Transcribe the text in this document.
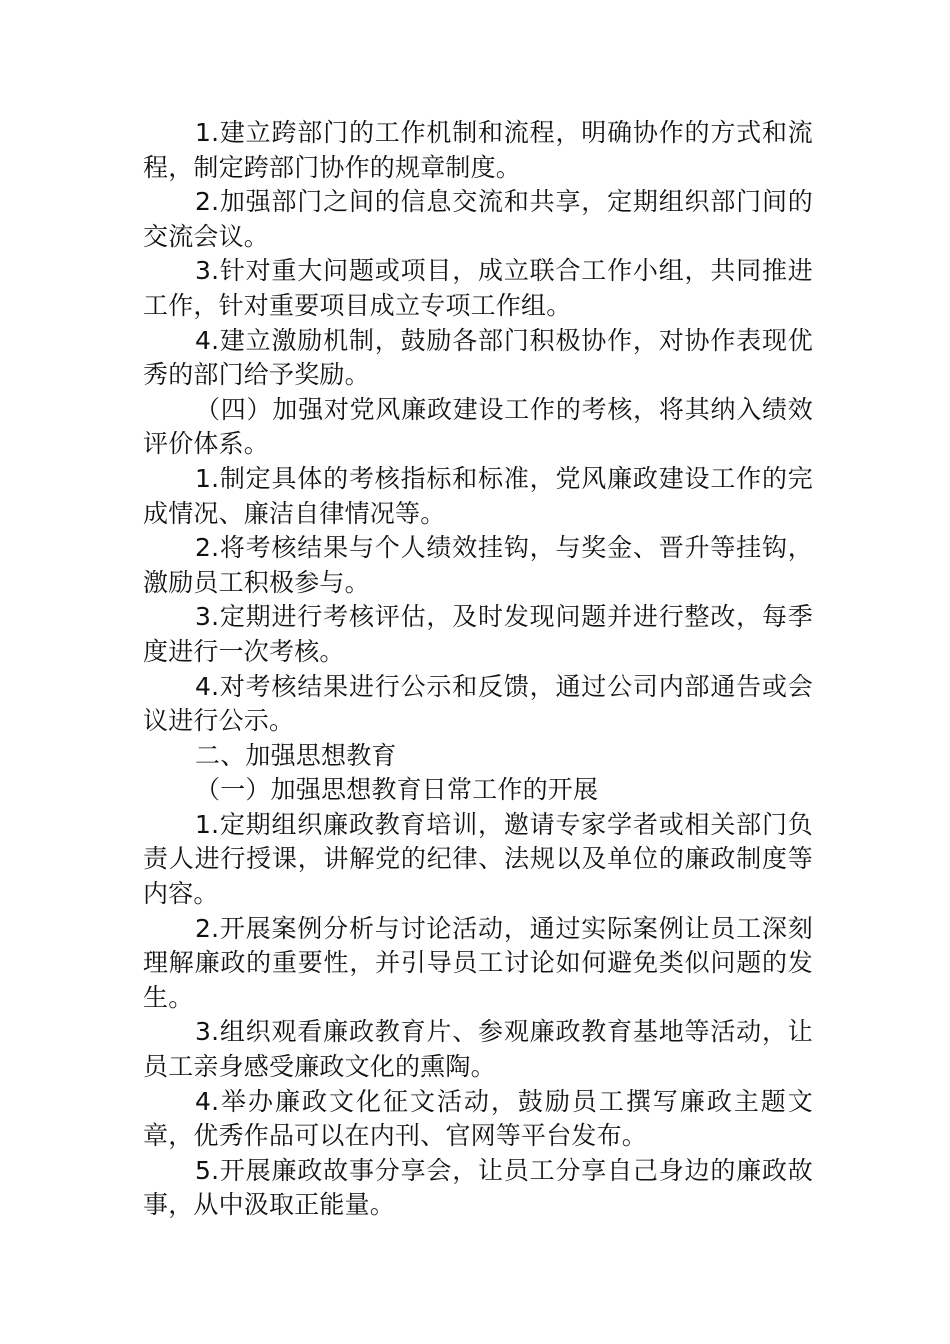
1.建立跨部门的工作机制和流程，明确协作的方式和流程，制定跨部门协作的规章制度。

2.加强部门之间的信息交流和共享，定期组织部门间的交流会议。

3.针对重大问题或项目，成立联合工作小组，共同推进工作，针对重要项目成立专项工作组。

4.建立激励机制，鼓励各部门积极协作，对协作表现优秀的部门给予奖励。

（四）加强对党风廉政建设工作的考核，将其纳入绩效评价体系。

1.制定具体的考核指标和标准，党风廉政建设工作的完成情况、廉洁自律情况等。

2.将考核结果与个人绩效挂钩，与奖金、晋升等挂钩，激励员工积极参与。

3.定期进行考核评估，及时发现问题并进行整改，每季度进行一次考核。

4.对考核结果进行公示和反馈，通过公司内部通告或会议进行公示。

二、加强思想教育

（一）加强思想教育日常工作的开展

1.定期组织廉政教育培训，邀请专家学者或相关部门负责人进行授课，讲解党的纪律、法规以及单位的廉政制度等内容。

2.开展案例分析与讨论活动，通过实际案例让员工深刻理解廉政的重要性，并引导员工讨论如何避免类似问题的发生。

3.组织观看廉政教育片、参观廉政教育基地等活动，让员工亲身感受廉政文化的熏陶。

4.举办廉政文化征文活动，鼓励员工撰写廉政主题文章，优秀作品可以在内刊、官网等平台发布。

5.开展廉政故事分享会，让员工分享自己身边的廉政故事，从中汲取正能量。
